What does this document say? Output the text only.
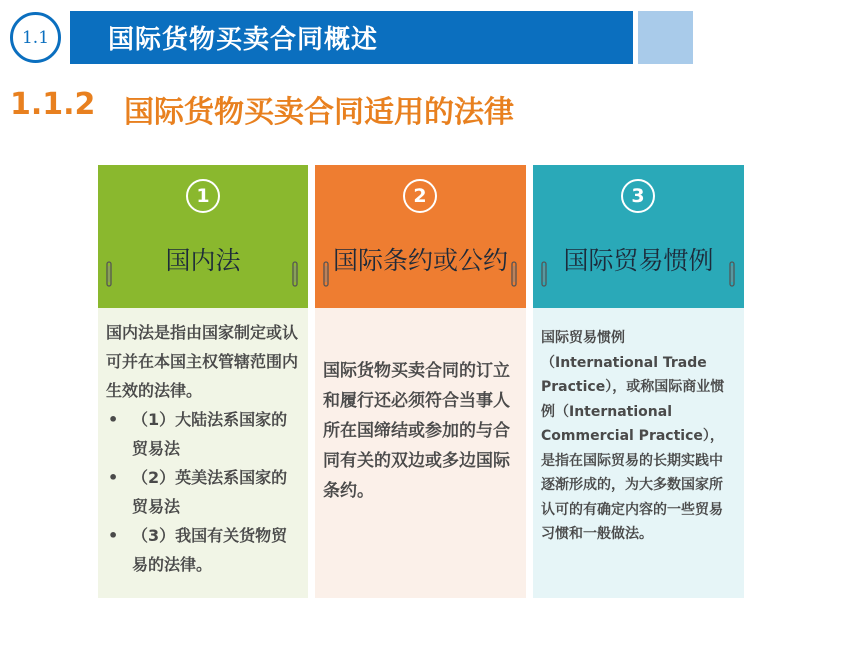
1.1 国际货物买卖合同概述
1.1.2 国际货物买卖合同适用的法律
1
国内法
国内法是指由国家制定或认可并在本国主权管辖范围内生效的法律。
• （1）大陆法系国家的贸易法
• （2）英美法系国家的贸易法
• （3）我国有关货物贸易的法律。
2
国际条约或公约
国际货物买卖合同的订立和履行还必须符合当事人所在国缔结或参加的与合同有关的双边或多边国际条约。
3
国际贸易惯例
国际贸易惯例（International Trade Practice），或称国际商业惯例（International Commercial Practice），是指在国际贸易的长期实践中逐渐形成的，为大多数国家所认可的有确定内容的一些贸易习惯和一般做法。
